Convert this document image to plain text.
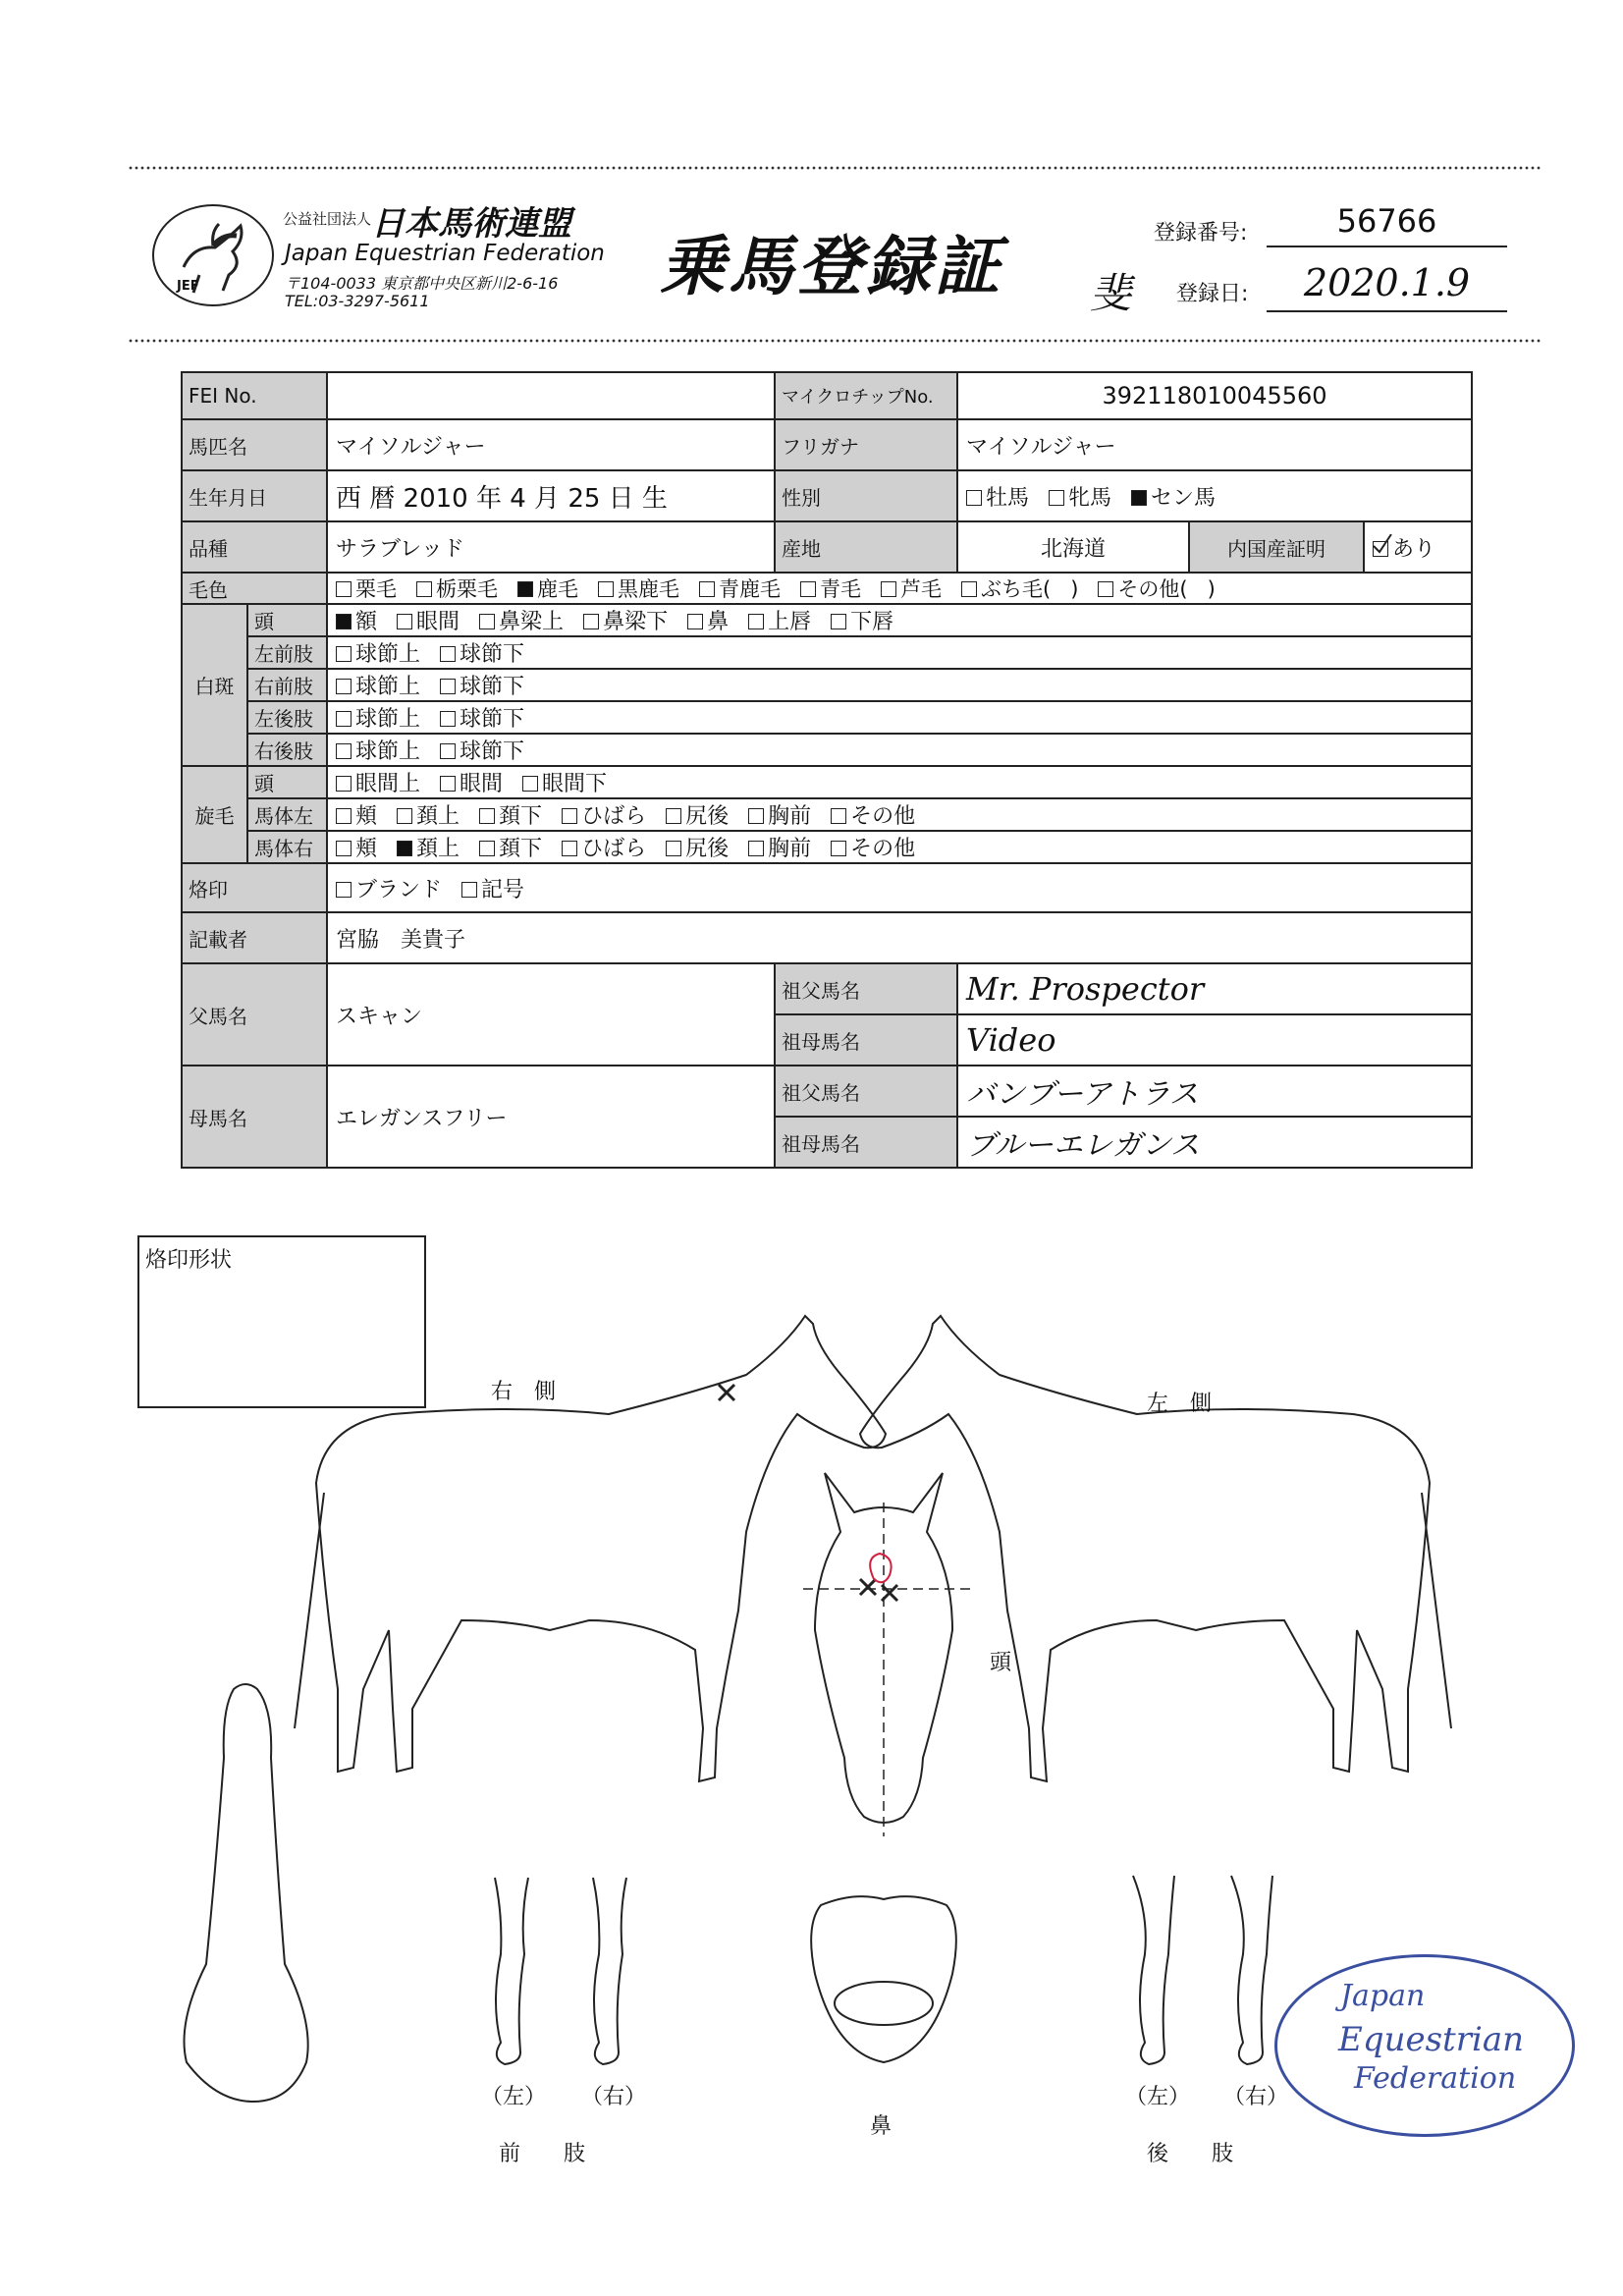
JEF
公益社団法人 日本馬術連盟
Japan Equestrian Federation
〒104-0033 東京都中央区新川2-6-16
TEL:03-3297-5611	乗馬登録証	登録番号:	56766
斐 登録日:	2020.1.9
FEI No.			マイクロチップNo.	392118010045560		
馬匹名		マイソルジャー	フリガナ	マイソルジャー		
生年月日		西 暦 2010 年 4 月 25 日 生	性別	牡馬 牝馬 セン馬		
品種		サラブレッド	産地	北海道	内国産証明	あり
毛色		栗毛 栃栗毛 鹿毛 黒鹿毛 青鹿毛 青毛 芦毛 ぶち毛( ) その他( )				
白斑	頭	額 眼間 鼻梁上 鼻梁下 鼻 上唇 下唇				
	左前肢	球節上 球節下				
	右前肢	球節上 球節下				
	左後肢	球節上 球節下				
	右後肢	球節上 球節下				
旋毛	頭	眼間上 眼間 眼間下				
	馬体左	頬 頚上 頚下 ひばら 尻後 胸前 その他				
	馬体右	頬 頚上 頚下 ひばら 尻後 胸前 その他				
烙印		ブランド 記号				
記載者		宮脇　美貴子				
父馬名		スキャン	祖父馬名	Mr. Prospector		
			祖母馬名	Video		
母馬名		エレガンスフリー	祖父馬名	バンブーアトラス		
			祖母馬名	ブルーエレガンス		
烙印形状
右　側	左　側
頭
鼻
（左） （右）
前　　肢
（左） （右）
後　　肢
Japan
Equestrian
Federation
